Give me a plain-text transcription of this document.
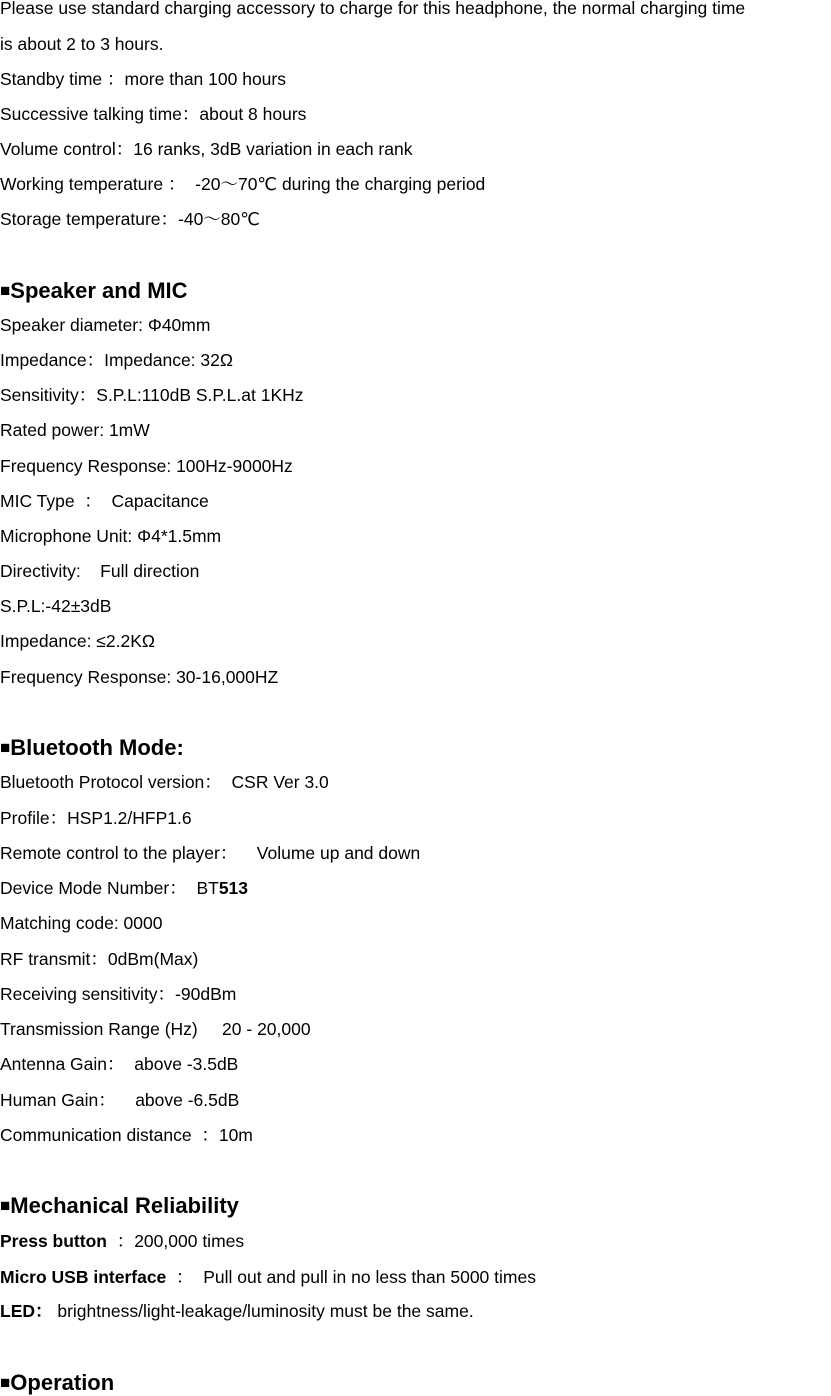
Please use standard charging accessory to charge for this headphone, the normal charging time
is about 2 to 3 hours.
Standby time ：more than 100 hours
Successive talking time：about 8 hours
Volume control：16 ranks, 3dB variation in each rank
Working temperature ：  -20～70℃ during the charging period
Storage temperature：-40～80℃
■Speaker and MIC
Speaker diameter: Φ40mm
Impedance：Impedance: 32Ω
Sensitivity：S.P.L:110dB S.P.L.at 1KHz
Rated power: 1mW
Frequency Response: 100Hz-9000Hz
MIC Type  ：  Capacitance
Microphone Unit: Φ4*1.5mm
Directivity:    Full direction
S.P.L:-42±3dB
Impedance: ≤2.2KΩ
Frequency Response: 30-16,000HZ
■Bluetooth Mode:
Bluetooth Protocol version：  CSR Ver 3.0
Profile：HSP1.2/HFP1.6
Remote control to the player：    Volume up and down
Device Mode Number：  BT513
Matching code: 0000
RF transmit：0dBm(Max)
Receiving sensitivity：-90dBm
Transmission Range (Hz)     20 - 20,000
Antenna Gain：  above -3.5dB
Human Gain：    above -6.5dB
Communication distance  ：10m
■Mechanical Reliability
Press button  ：200,000 times
Micro USB interface  ：  Pull out and pull in no less than 5000 times
LED： brightness/light-leakage/luminosity must be the same.
■Operation
